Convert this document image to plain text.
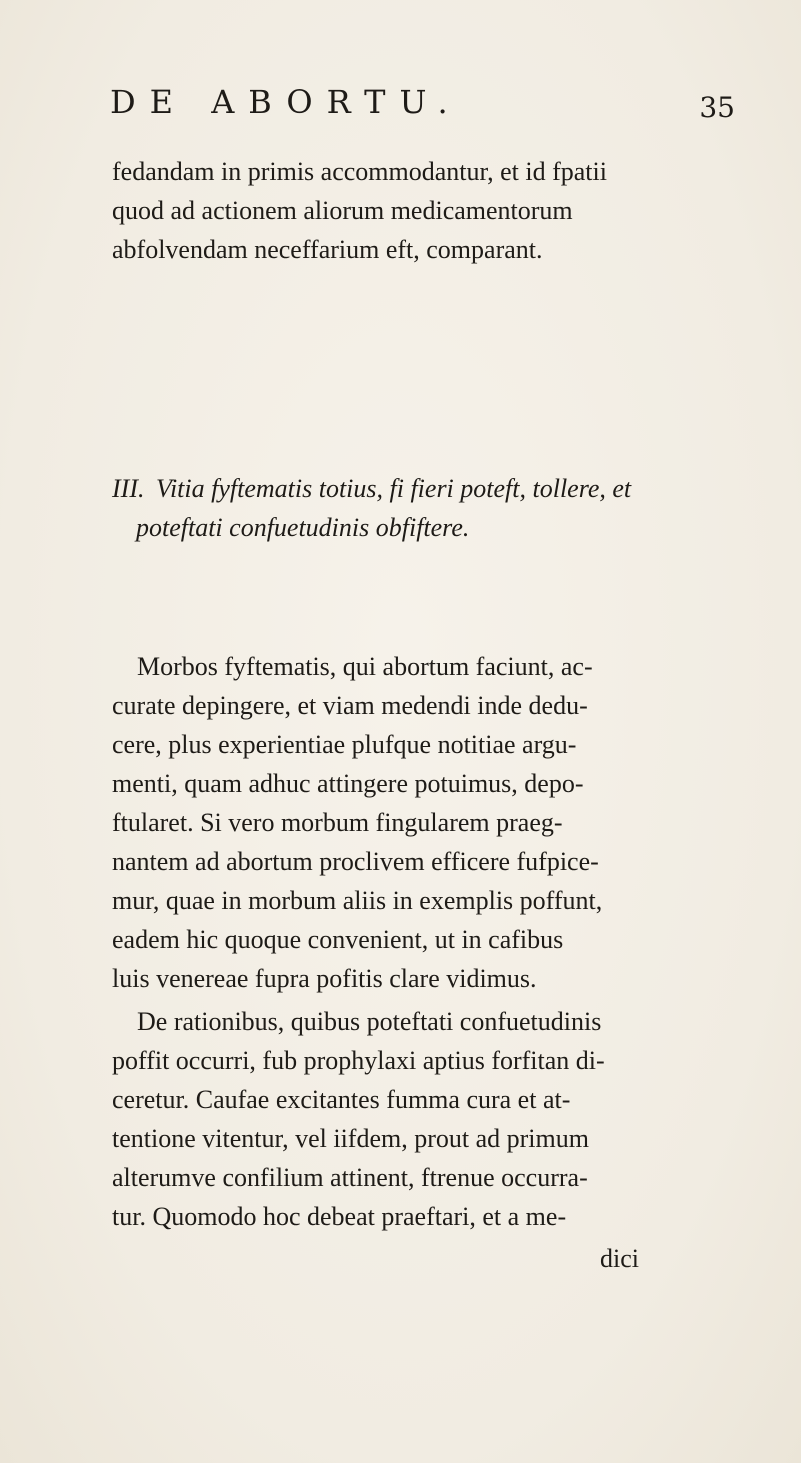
DE ABORTU.	35
fedandam in primis accommodantur, et id fpatii
quod ad actionem aliorum medicamentorum
abfolvendam neceffarium eft, comparant.
III. Vitia fyftematis totius, fi fieri poteft, tollere, et
poteftati confuetudinis obfiftere.
Morbos fyftematis, qui abortum faciunt, ac-
curate depingere, et viam medendi inde dedu-
cere, plus experientiae plufque notitiae argu-
menti, quam adhuc attingere potuimus, depo-
ftularet. Si vero morbum fingularem praeg-
nantem ad abortum proclivem efficere fufpice-
mur, quae in morbum aliis in exemplis poffunt,
eadem hic quoque convenient, ut in cafibus
luis venereae fupra pofitis clare vidimus.
De rationibus, quibus poteftati confuetudinis
poffit occurri, fub prophylaxi aptius forfitan di-
ceretur. Caufae excitantes fumma cura et at-
tentione vitentur, vel iifdem, prout ad primum
alterumve confilium attinent, ftrenue occurra-
tur. Quomodo hoc debeat praeftari, et a me-
dici
